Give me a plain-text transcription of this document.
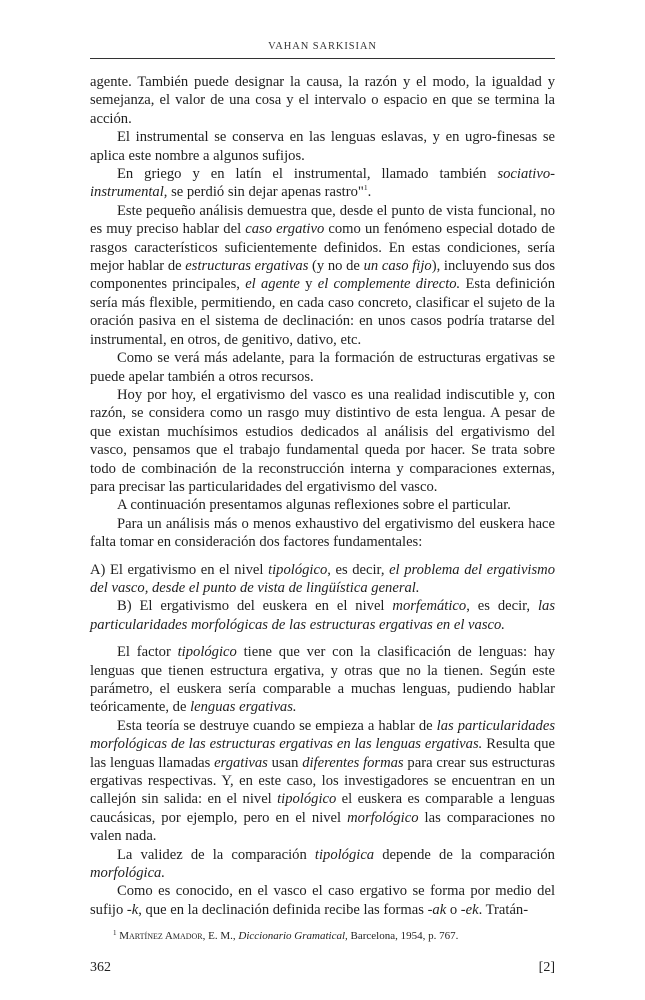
VAHAN SARKISIAN

agente. También puede designar la causa, la razón y el modo, la igualdad y semejanza, el valor de una cosa y el intervalo o espacio en que se termina la acción.

El instrumental se conserva en las lenguas eslavas, y en ugro-finesas se aplica este nombre a algunos sufijos.

En griego y en latín el instrumental, llamado también sociativo-instrumental, se perdió sin dejar apenas rastro"$^1$.

Este pequeño análisis demuestra que, desde el punto de vista funcional, no es muy preciso hablar del caso ergativo como un fenómeno especial dotado de rasgos característicos suficientemente definidos. En estas condiciones, sería mejor hablar de estructuras ergativas (y no de un caso fijo), incluyendo sus dos componentes principales, el agente y el complemente directo. Esta definición sería más flexible, permitiendo, en cada caso concreto, clasificar el sujeto de la oración pasiva en el sistema de declinación: en unos casos podría tratarse del instrumental, en otros, de genitivo, dativo, etc.

Como se verá más adelante, para la formación de estructuras ergativas se puede apelar también a otros recursos.

Hoy por hoy, el ergativismo del vasco es una realidad indiscutible y, con razón, se considera como un rasgo muy distintivo de esta lengua. A pesar de que existan muchísimos estudios dedicados al análisis del ergativismo del vasco, pensamos que el trabajo fundamental queda por hacer. Se trata sobre todo de combinación de la reconstrucción interna y comparaciones externas, para precisar las particularidades del ergativismo del vasco.

A continuación presentamos algunas reflexiones sobre el particular.

Para un análisis más o menos exhaustivo del ergativismo del euskera hace falta tomar en consideración dos factores fundamentales:

A) El ergativismo en el nivel tipológico, es decir, el problema del ergativismo del vasco, desde el punto de vista de lingüística general.

B) El ergativismo del euskera en el nivel morfemático, es decir, las particularidades morfológicas de las estructuras ergativas en el vasco.

El factor tipológico tiene que ver con la clasificación de lenguas: hay lenguas que tienen estructura ergativa, y otras que no la tienen. Según este parámetro, el euskera sería comparable a muchas lenguas, pudiendo hablar teóricamente, de lenguas ergativas.

Esta teoría se destruye cuando se empieza a hablar de las particularidades morfológicas de las estructuras ergativas en las lenguas ergativas. Resulta que las lenguas llamadas ergativas usan diferentes formas para crear sus estructuras ergativas respectivas. Y, en este caso, los investigadores se encuentran en un callejón sin salida: en el nivel tipológico el euskera es comparable a lenguas caucásicas, por ejemplo, pero en el nivel morfológico las comparaciones no valen nada.

La validez de la comparación tipológica depende de la comparación morfológica.

Como es conocido, en el vasco el caso ergativo se forma por medio del sufijo -k, que en la declinación definida recibe las formas -ak o -ek. Tratán-

$^1$ Martínez Amador, E. M., Diccionario Gramatical, Barcelona, 1954, p. 767.
362	[2]
